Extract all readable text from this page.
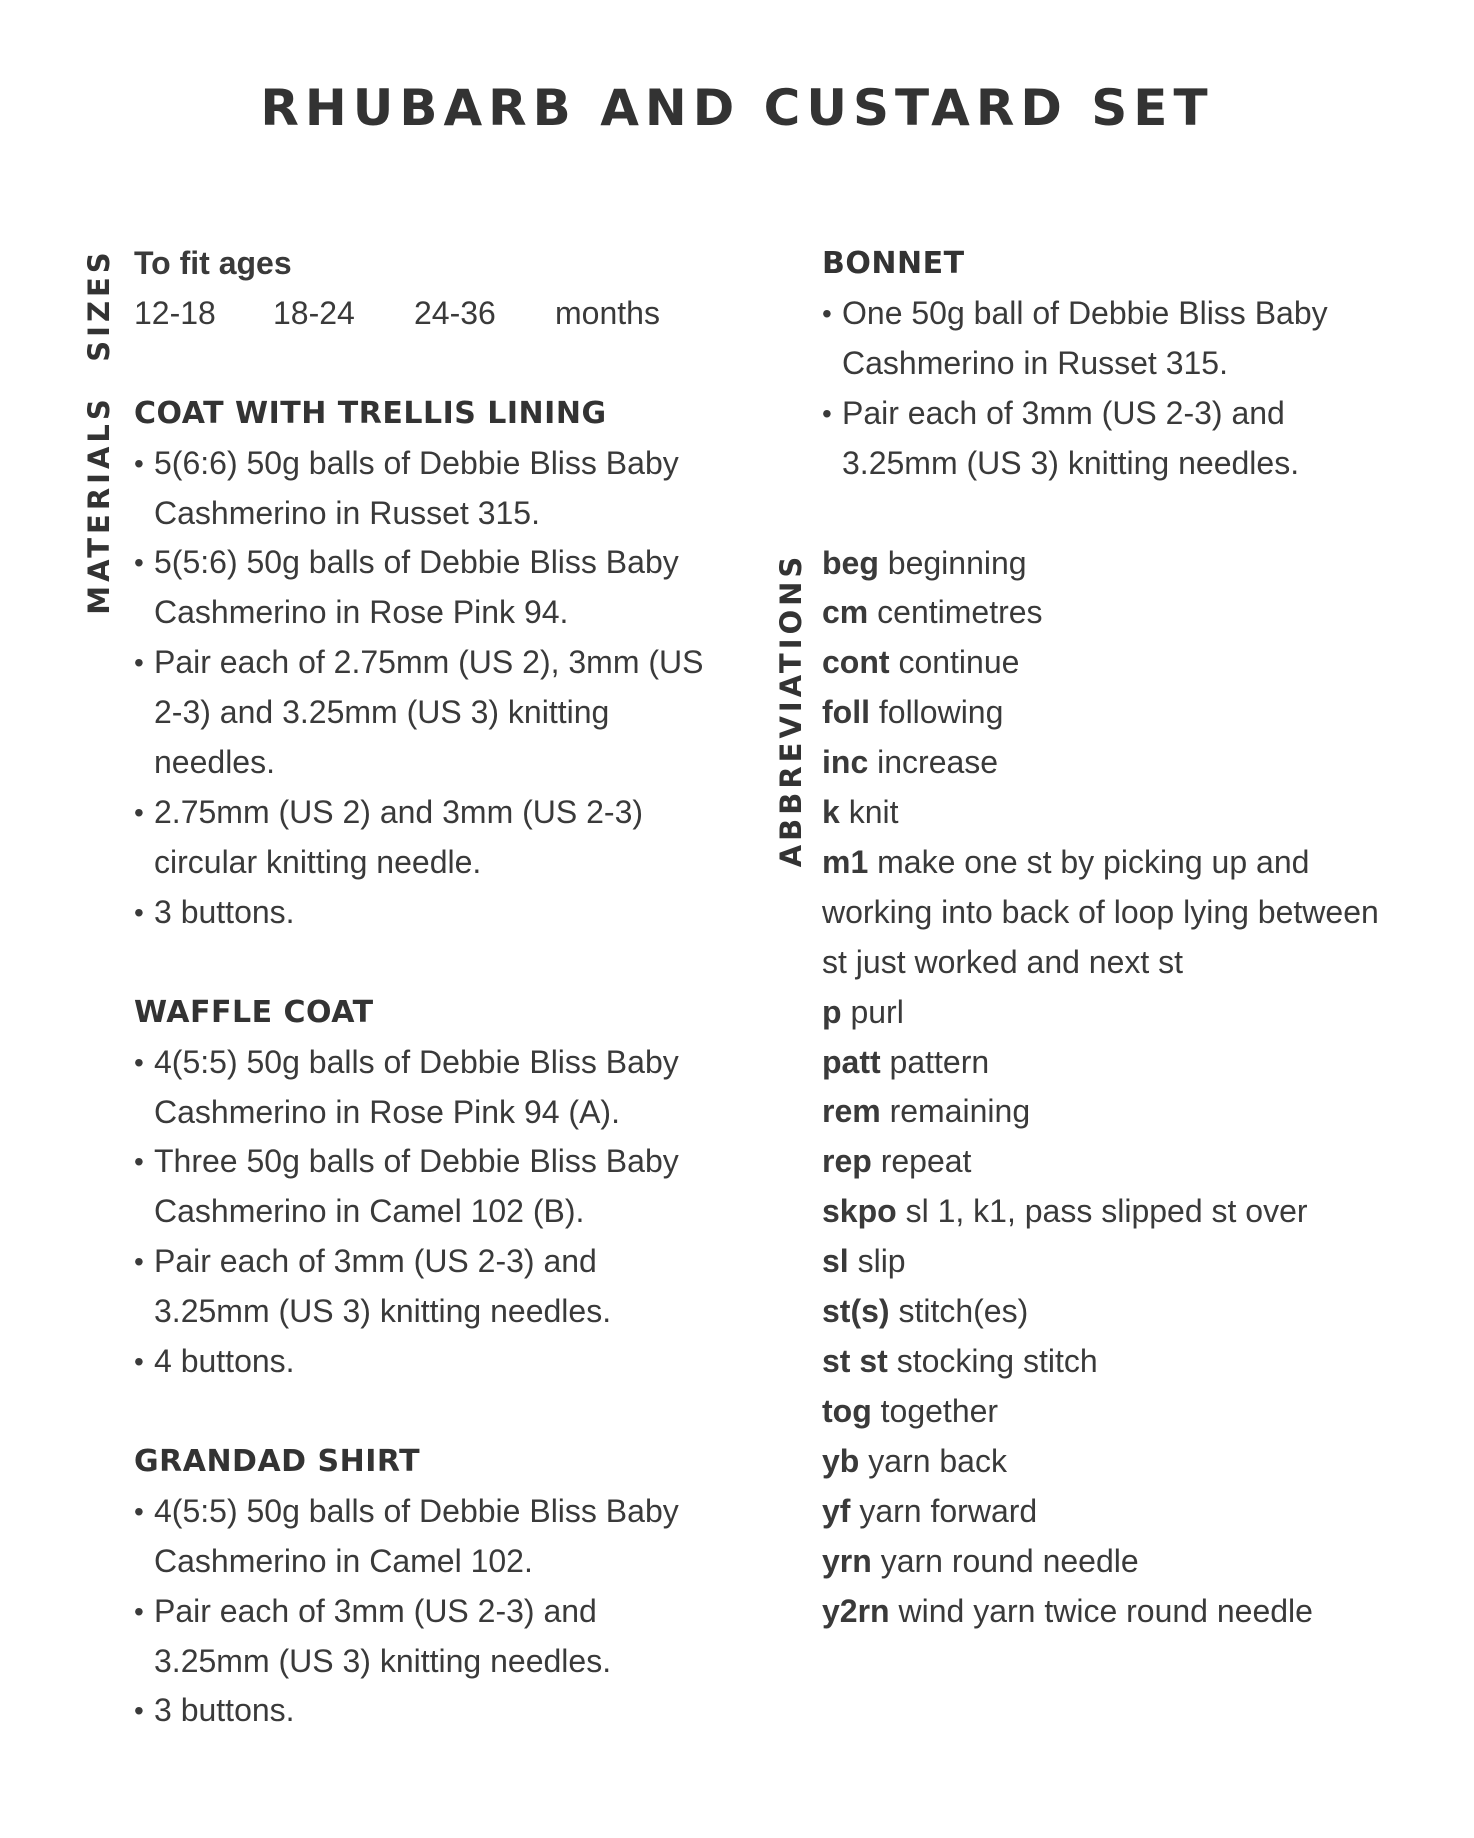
RHUBARB AND CUSTARD SET
SIZES
MATERIALS
ABBREVIATIONS
To fit ages
12-18	18-24	24-36	months
COAT WITH TRELLIS LINING
• 5(6:6) 50g balls of Debbie Bliss Baby Cashmerino in Russet 315.
• 5(5:6) 50g balls of Debbie Bliss Baby Cashmerino in Rose Pink 94.
• Pair each of 2.75mm (US 2), 3mm (US 2-3) and 3.25mm (US 3) knitting needles.
• 2.75mm (US 2) and 3mm (US 2-3) circular knitting needle.
• 3 buttons.
WAFFLE COAT
• 4(5:5) 50g balls of Debbie Bliss Baby Cashmerino in Rose Pink 94 (A).
• Three 50g balls of Debbie Bliss Baby Cashmerino in Camel 102 (B).
• Pair each of 3mm (US 2-3) and 3.25mm (US 3) knitting needles.
• 4 buttons.
GRANDAD SHIRT
• 4(5:5) 50g balls of Debbie Bliss Baby Cashmerino in Camel 102.
• Pair each of 3mm (US 2-3) and 3.25mm (US 3) knitting needles.
• 3 buttons.
BONNET
• One 50g ball of Debbie Bliss Baby Cashmerino in Russet 315.
• Pair each of 3mm (US 2-3) and 3.25mm (US 3) knitting needles.
beg beginning
cm centimetres
cont continue
foll following
inc increase
k knit
m1 make one st by picking up and working into back of loop lying between st just worked and next st
p purl
patt pattern
rem remaining
rep repeat
skpo sl 1, k1, pass slipped st over
sl slip
st(s) stitch(es)
st st stocking stitch
tog together
yb yarn back
yf yarn forward
yrn yarn round needle
y2rn wind yarn twice round needle
